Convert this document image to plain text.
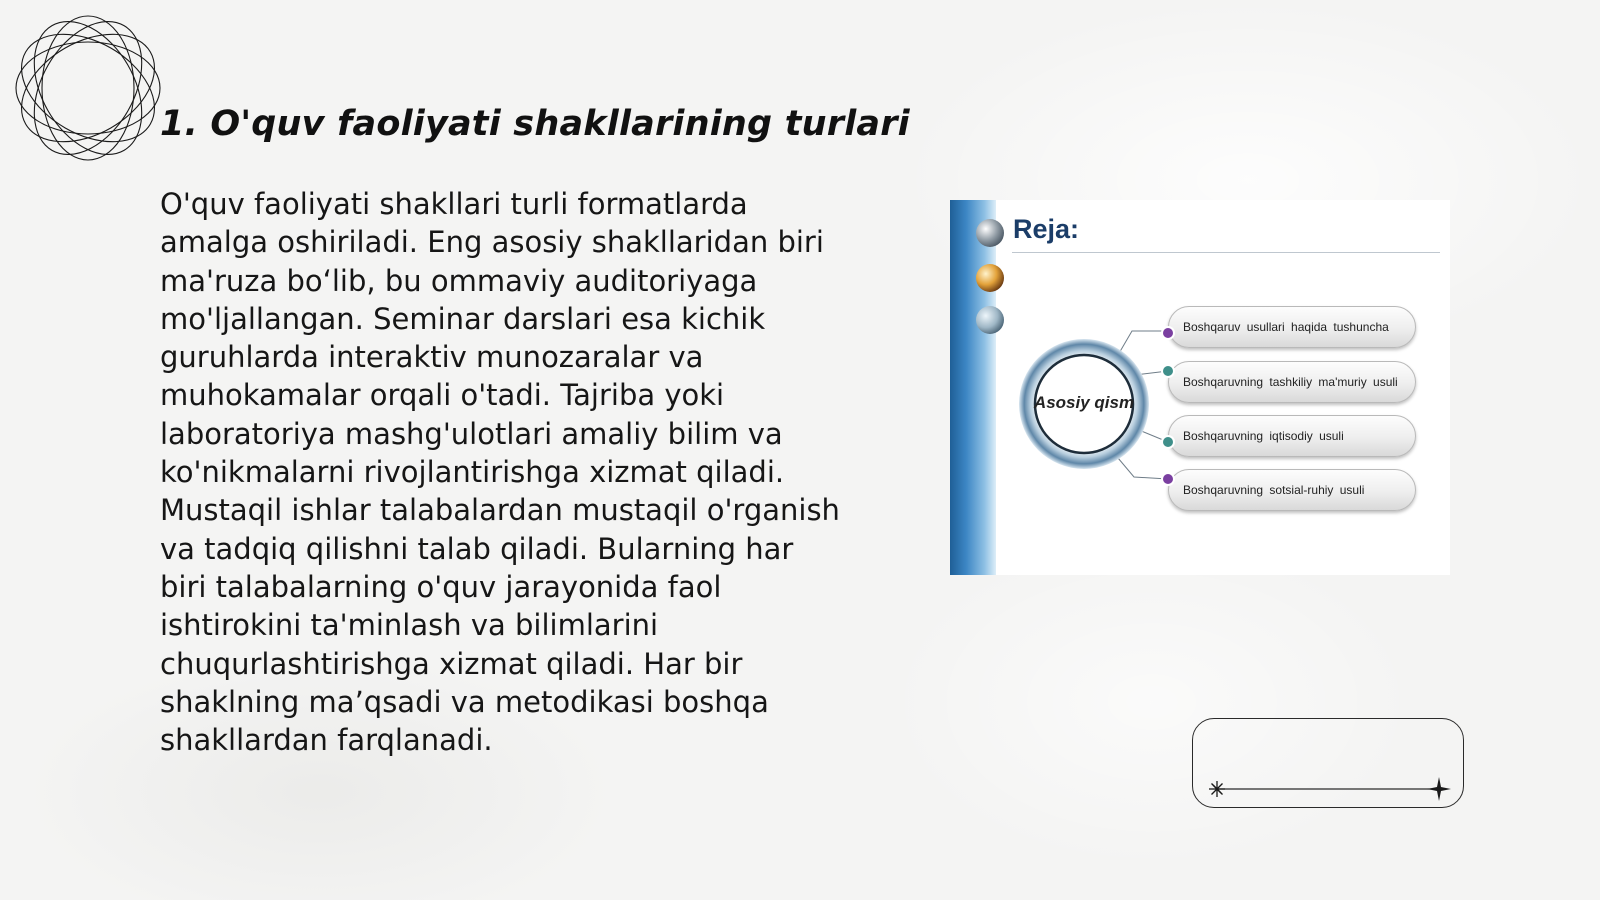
1. O'quv faoliyati shakllarining turlari

O'quv faoliyati shakllari turli formatlarda amalga oshiriladi. Eng asosiy shakllaridan biri ma'ruza bo‘lib, bu ommaviy auditoriyaga mo'ljallangan. Seminar darslari esa kichik guruhlarda interaktiv munozaralar va muhokamalar orqali o'tadi. Tajriba yoki laboratoriya mashg'ulotlari amaliy bilim va ko'nikmalarni rivojlantirishga xizmat qiladi. Mustaqil ishlar talabalardan mustaqil o'rganish va tadqiq qilishni talab qiladi. Bularning har biri talabalarning o'quv jarayonida faol ishtirokini ta'minlash va bilimlarini chuqurlashtirishga xizmat qiladi. Har bir shaklning ma’qsadi va metodikasi boshqa shakllardan farqlanadi.

Reja:
Asosiy qism
Boshqaruv usullari haqida tushuncha
Boshqaruvning tashkiliy ma'muriy usuli
Boshqaruvning iqtisodiy usuli
Boshqaruvning sotsial-ruhiy usuli
